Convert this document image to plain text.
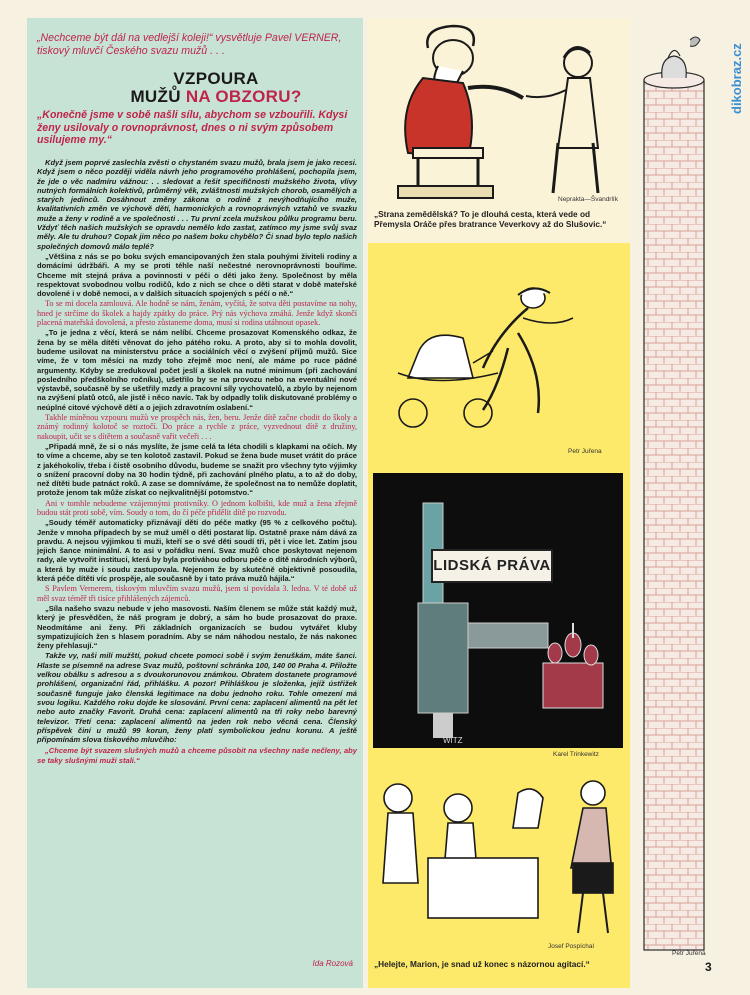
„Nechceme být dál na vedlejší koleji!“ vysvětluje Pavel VERNER, tiskový mluvčí Českého svazu mužů . . .

VZPOURA
MUŽŮ NA OBZORU?

„Konečně jsme v sobě našli sílu, abychom se vzbouřili. Kdysi ženy usilovaly o rovnoprávnost, dnes o ni svým způsobem usilujeme my.“

Když jsem poprvé zaslechla zvěsti o chystaném svazu mužů, brala jsem je jako recesi. Když jsem o něco později viděla návrh jeho programového prohlášení, pochopila jsem, že jde o věc nadmíru vážnou: . . sledovat a řešit specifičnosti mužského života, vlivy nutných formálních kolektivů, průměrný věk, zvláštnosti mužských chorob, osamělých a starých jedinců. Dosáhnout změny zákona o rodině z nevýhodňujícího muže, kvalitativních změn ve výchově dětí, harmonických a rovnoprávných vztahů ve svazku muže a ženy v rodině a ve společnosti . . . Tu první zcela mužskou půlku programu beru. Vždyť těch našich mužských se opravdu nemělo kdo zastat, zatímco my jsme svůj svaz měly. Ale tu druhou? Copak jim něco po našem boku chybělo? Či snad bylo teplo našich společných domovů málo teplé?

„Většina z nás se po boku svých emancipovaných žen stala pouhými živiteli rodiny a domácími údržbáři. A my se proti téhle naší nečestné nerovnoprávnosti bouříme. Chceme mít stejná práva a povinnosti v péči o děti jako ženy. Společnost by měla respektovat svobodnou volbu rodičů, kdo z nich se chce o děti starat v době mateřské dovolené i v době nemoci, a v dalších situacích spojených s péčí o ně.“

To se mi docela zamlouvá. Ale hodně se nám, ženám, vyčítá, že sotva děti postavíme na nohy, hned je strčíme do školek a hajdy zpátky do práce. Prý nás výchova zmáhá. Jenže když skončí placená mateřská dovolená, a přesto zůstaneme doma, musí si rodina utáhnout opasek.

„To je jedna z věcí, která se nám nelíbí. Chceme prosazovat Komenského odkaz, že žena by se měla dítěti věnovat do jeho pátého roku. A proto, aby si to mohla dovolit, budeme usilovat na ministerstvu práce a sociálních věcí o zvýšení příjmů mužů. Sice víme, že v tom měsíci na mzdy toho zřejmě moc není, ale máme po ruce pádné argumenty. Kdyby se zredukoval počet jeslí a školek na nutné minimum (při zachování posledního předškolního ročníku), ušetřilo by se na provozu nebo na eventuální nové výstavbě, současně by se ušetřily mzdy a pracovní síly vychovatelů, a zbylo by nejenom na zvýšení platů otců, ale jistě i něco navíc. Tak by odpadly tolik diskutované problémy o neúplné citové výchově dětí a o jejich zdravotním oslabení.“

Takhle míněnou vzpouru mužů ve prospěch nás, žen, beru. Jenže dítě začne chodit do školy a známý rodinný kolotoč se roztočí. Do práce a rychle z práce, vyzvednout dítě z družiny, nakoupit, učit se s dítětem a současně vařit večeři . . .

„Připadá mně, že si o nás myslíte, že jsme celá ta léta chodili s klapkami na očích. My to víme a chceme, aby se ten kolotoč zastavil. Pokud se žena bude muset vrátit do práce z jakéhokoliv, třeba i čistě osobního důvodu, budeme se snažit pro všechny tyto výjimky o snížení pracovní doby na 30 hodin týdně, při zachování plného platu, a to až do doby, než dítěti bude patnáct roků. A zase se domníváme, že společnost na to nemůže doplatit, protože jenom tak může získat co nejkvalitnější potomstvo.“

Ani v tomhle nebudeme vzájemnými protivníky. O jednom kolbišti, kde muž a žena zřejmě budou stát proti sobě, vím. Soudy o tom, do čí péče přidělit dítě po rozvodu.

„Soudy téměř automaticky přiznávají děti do péče matky (95 % z celkového počtu). Jenže v mnoha případech by se muž uměl o děti postarat líp. Ostatně praxe nám dává za pravdu. A nejsou výjimkou ti muži, kteří se o své děti soudí tři, pět i více let. Zatím jsou jejich šance minimální. A to asi v pořádku není. Svaz mužů chce poskytovat nejenom rady, ale vytvořit instituci, která by byla protiváhou odboru péče o dítě národních výborů, a která by muže i soudu zastupovala. Nejenom že by skutečně objektivně posoudila, která péče dítěti víc prospěje, ale současně by i tato práva mužů hájila.“

S Pavlem Vernerem, tiskovým mluvčím svazu mužů, jsem si povídala 3. ledna. V té době už měl svaz téměř tři tisíce přihlášených zájemců.

„Síla našeho svazu nebude v jeho masovosti. Naším členem se může stát každý muž, který je přesvědčen, že náš program je dobrý, a sám ho bude prosazovat do praxe. Neodmítáme ani ženy. Při základních organizacích se budou vytvářet kluby sympatizujících žen s hlasem poradním. Aby se nám náhodou nestalo, že nás nakonec ženy přehlasují.“

Takže vy, naši milí mužští, pokud chcete pomoci sobě i svým ženuškám, máte šanci. Hlaste se písemně na adrese Svaz mužů, poštovní schránka 100, 140 00 Praha 4. Přiložte velkou obálku s adresou a s dvoukorunovou známkou. Obratem dostanete programové prohlášení, organizační řád, přihlášku. A pozor! Přihláškou je složenka, jejíž ústřižek současně funguje jako členská legitimace na dobu jednoho roku. Tohle omezení má svou logiku. Každého roku dojde ke slosování. První cena: zaplacení alimentů na pět let nebo auto značky Favorit. Druhá cena: zaplacení alimentů na tři roky nebo barevný televizor. Třetí cena: zaplacení alimentů na jeden rok nebo věcná cena. Členský příspěvek činí u mužů 99 korun, ženy platí symbolickou jednu korunu. A ještě připomínám slova tiskového mluvčího:

„Chceme být svazem slušných mužů a chceme působit na všechny naše nečleny, aby se taky slušnými muži stali.“

Ida Rozová

Neprakta—Švandrlík

„Strana zemědělská? To je dlouhá cesta, která vede od Přemysla Oráče přes bratrance Veverkovy až do Slušovic.“

Petr Juřena

WITZ
LIDSKÁ PRÁVA

Karel Trinkewitz

Josef Pospíchal

„Helejte, Marion, je snad už konec s názornou agitací.“

Petr Juřena

dikobraz.cz

3
